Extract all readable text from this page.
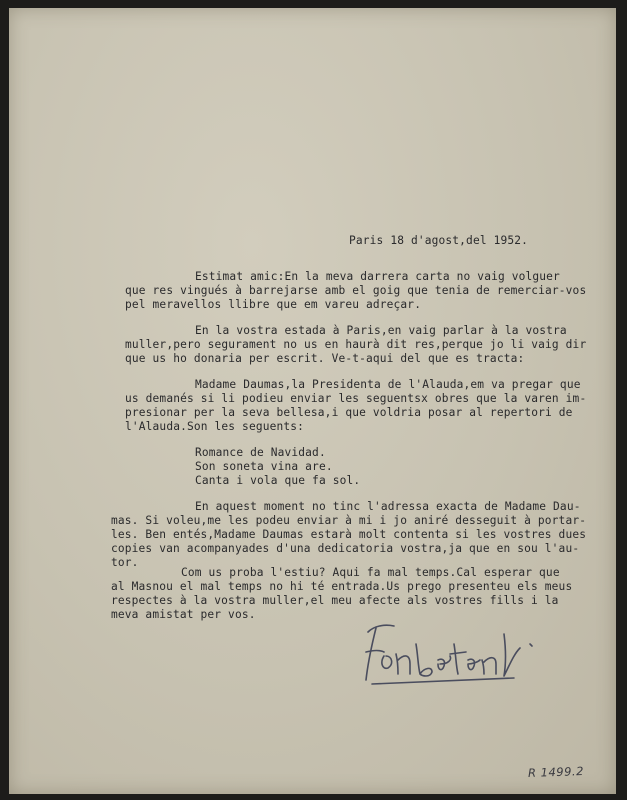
Paris 18 d'agost,del 1952.
Estimat amic:En la meva darrera carta no vaig volguer
que res vingués à barrejarse amb el goig que tenia de remerciar-vos
pel meravellos llibre que em vareu adreçar.
En la vostra estada à Paris,en vaig parlar à la vostra
muller,pero segurament no us en haurà dit res,perque jo li vaig dir
que us ho donaria per escrit. Ve-t-aqui del que es tracta:
Madame Daumas,la Presidenta de l'Alauda,em va pregar que
us demanés si li podieu enviar les seguentsx obres que la varen im-
presionar per la seva bellesa,i que voldria posar al repertori de
l'Alauda.Son les seguents:
Romance de Navidad.
Son soneta vina are.
Canta i vola que fa sol.
En aquest moment no tinc l'adressa exacta de Madame Dau-
mas. Si voleu,me les podeu enviar à mi i jo aniré desseguit à portar-
les. Ben entés,Madame Daumas estarà molt contenta si les vostres dues
copies van acompanyades d'una dedicatoria vostra,ja que en sou l'au-
tor.
Com us proba l'estiu? Aqui fa mal temps.Cal esperar que
al Masnou el mal temps no hi té entrada.Us prego presenteu els meus
respectes à la vostra muller,el meu afecte als vostres fills i la
meva amistat per vos.
R 1499.2
